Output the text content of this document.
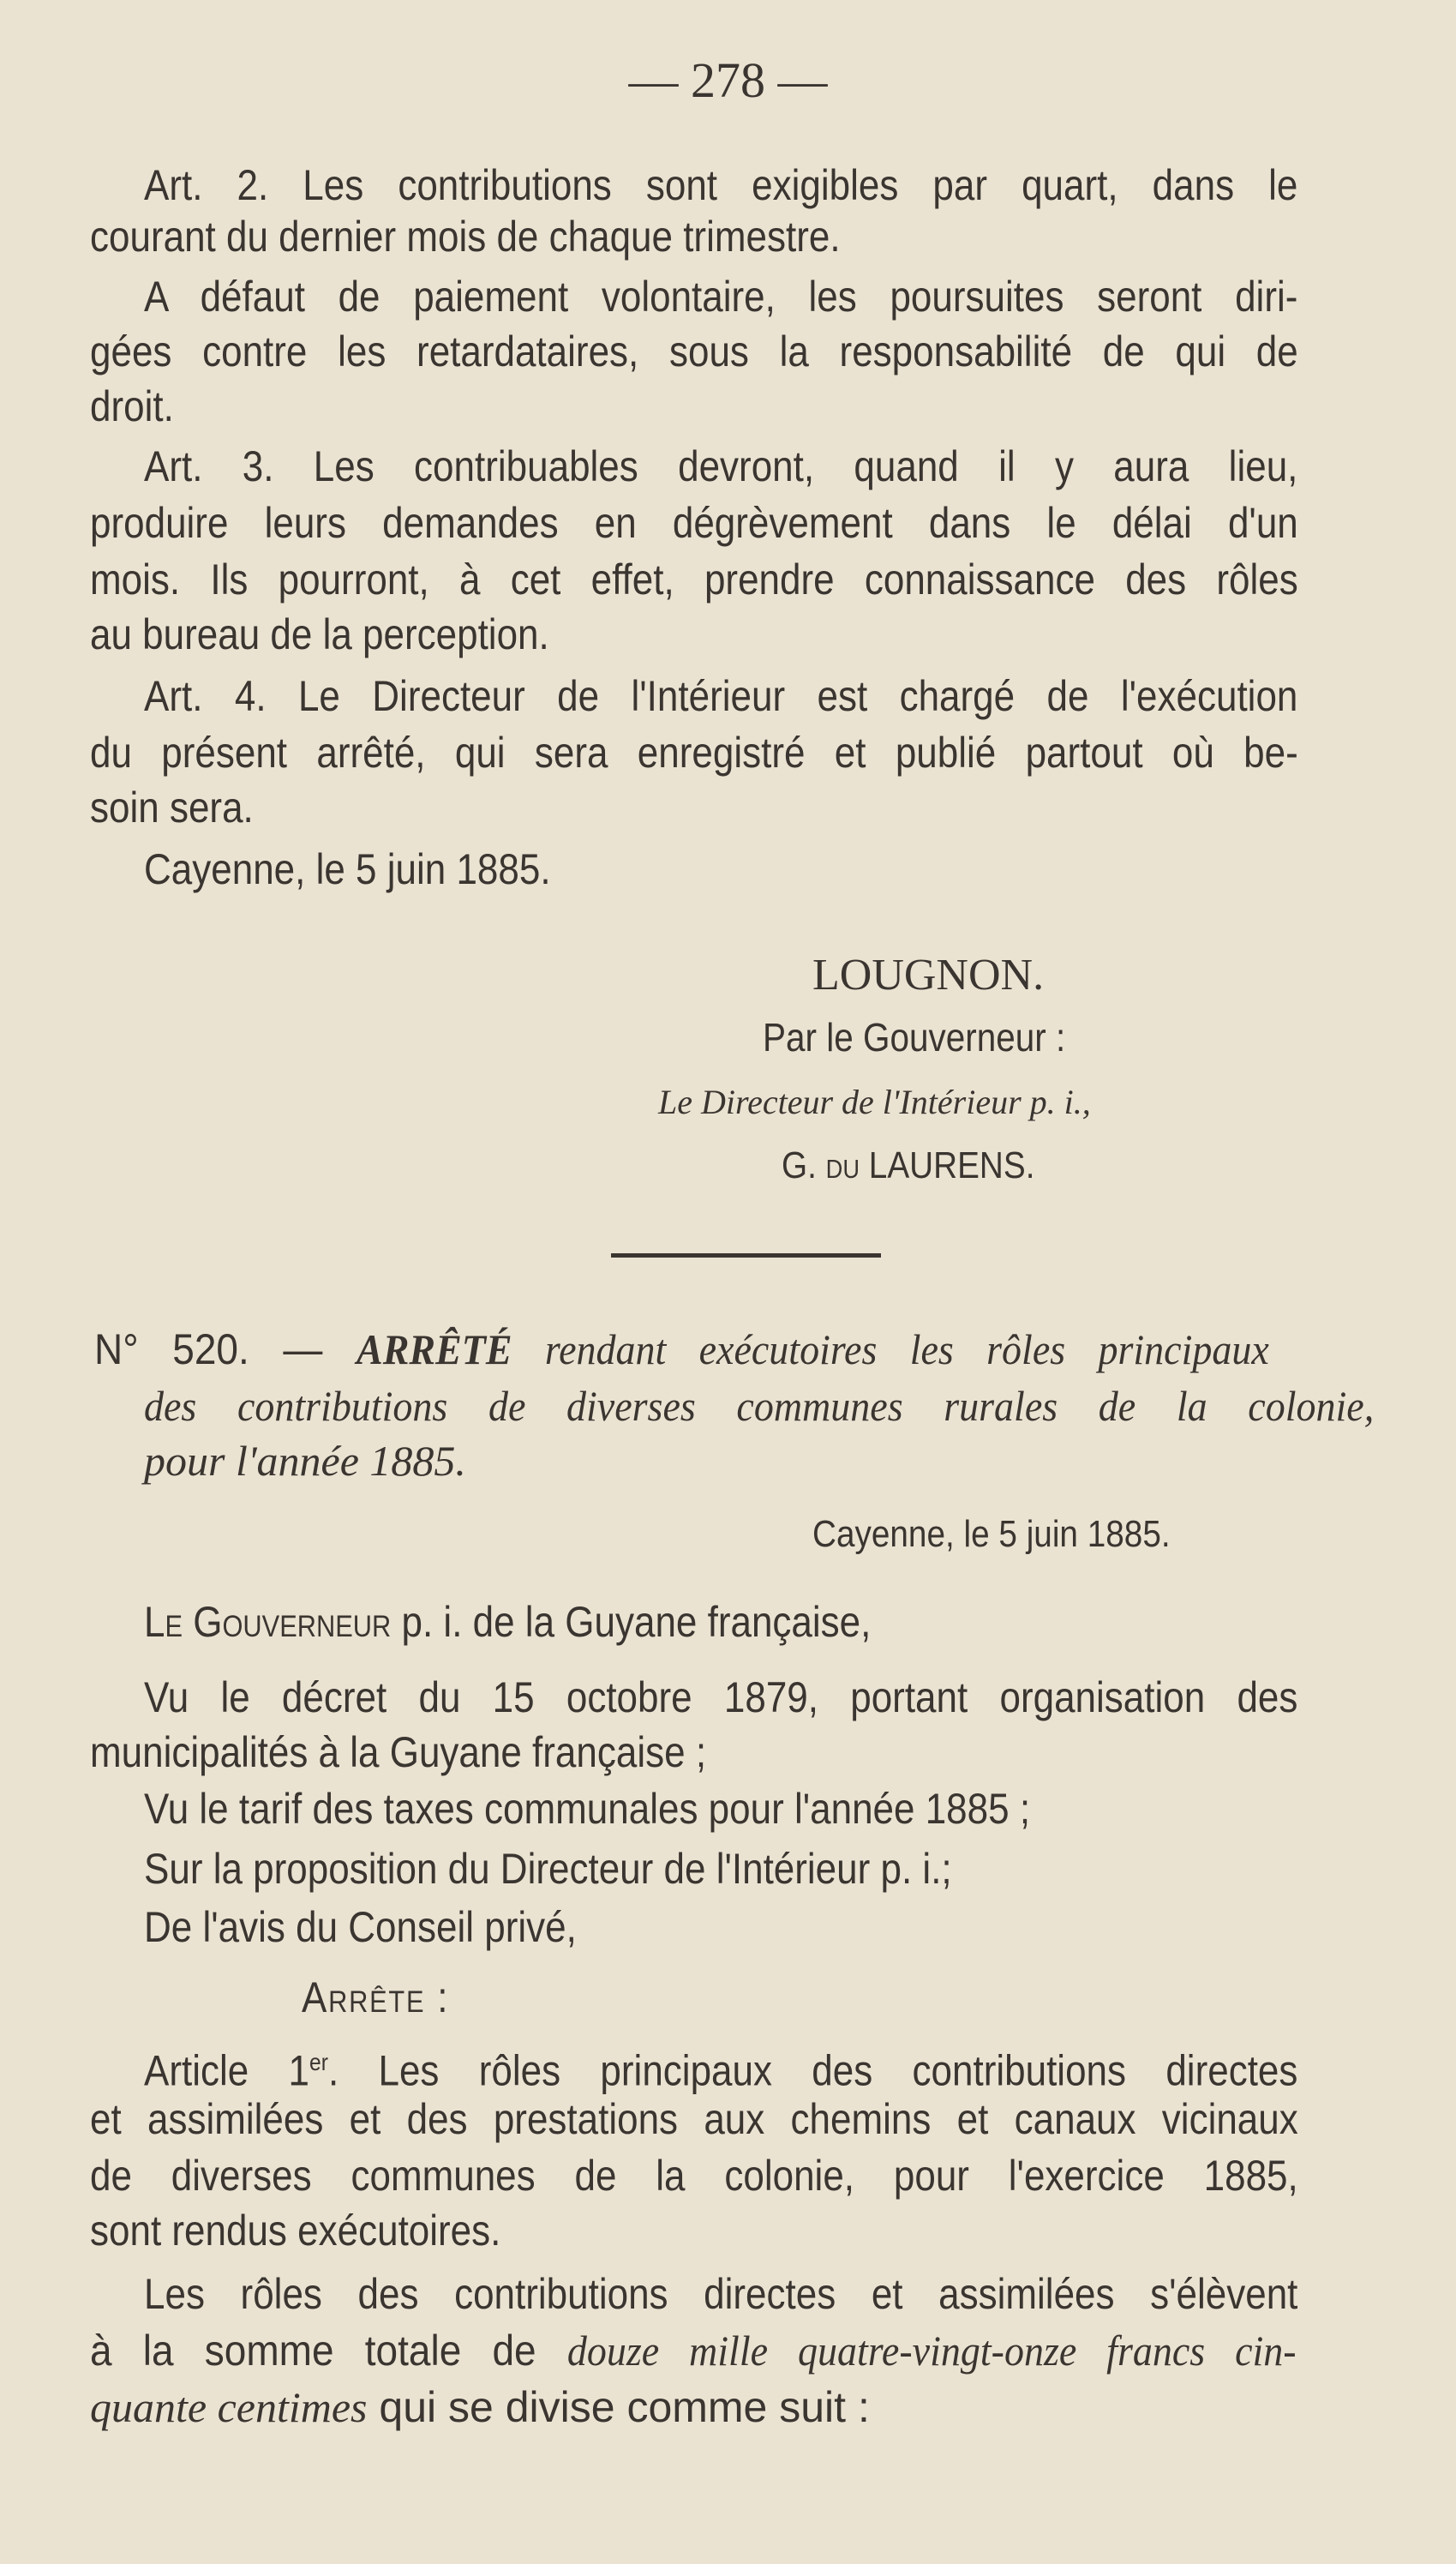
— 278 —

Art. 2. Les contributions sont exigibles par quart, dans le

courant du dernier mois de chaque trimestre.

A défaut de paiement volontaire, les poursuites seront diri-

gées contre les retardataires, sous la responsabilité de qui de

droit.

Art. 3. Les contribuables devront, quand il y aura lieu,

produire leurs demandes en dégrèvement dans le délai d'un

mois. Ils pourront, à cet effet, prendre connaissance des rôles

au bureau de la perception.

Art. 4. Le Directeur de l'Intérieur est chargé de l'exécution

du présent arrêté, qui sera enregistré et publié partout où be-

soin sera.

Cayenne, le 5 juin 1885.

LOUGNON.

Par le Gouverneur :

Le Directeur de l'Intérieur p. i.,

G. du LAURENS.

N° 520. — ARRÊTÉ rendant exécutoires les rôles principaux

des contributions de diverses communes rurales de la colonie,

pour l'année 1885.

Cayenne, le 5 juin 1885.

Le Gouverneur p. i. de la Guyane française,

Vu le décret du 15 octobre 1879, portant organisation des

municipalités à la Guyane française ;

Vu le tarif des taxes communales pour l'année 1885 ;

Sur la proposition du Directeur de l'Intérieur p. i.;

De l'avis du Conseil privé,

Arrête :

Article 1er. Les rôles principaux des contributions directes

et assimilées et des prestations aux chemins et canaux vicinaux

de diverses communes de la colonie, pour l'exercice 1885,

sont rendus exécutoires.

Les rôles des contributions directes et assimilées s'élèvent

à la somme totale de douze mille quatre-vingt-onze francs cin-

quante centimes qui se divise comme suit :
